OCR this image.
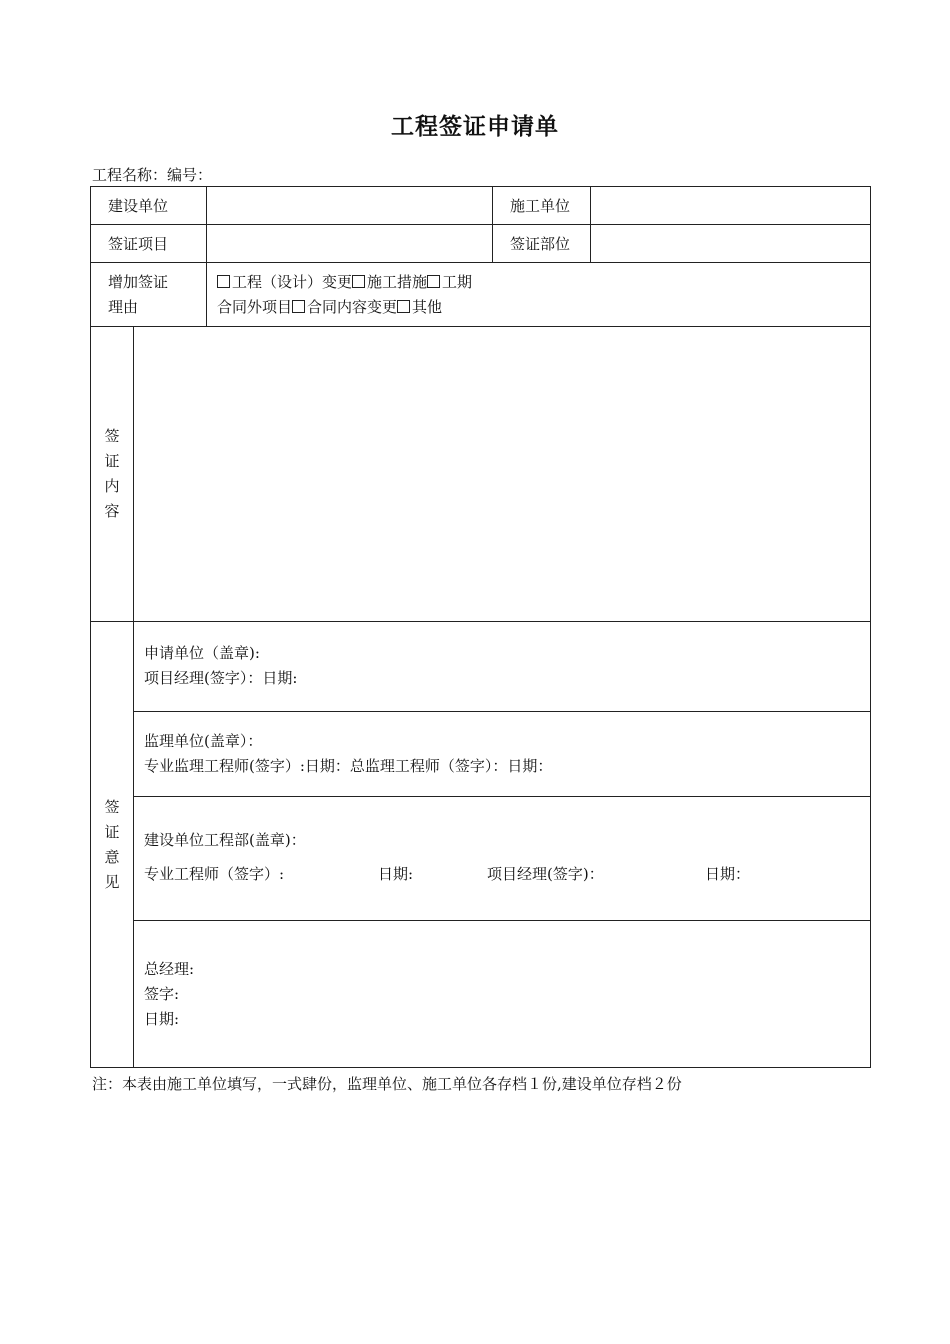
工程签证申请单
工程名称：编号：
建设单位			施工单位	
签证项目			签证部位	
增加签证
理由		工程（设计）变更 施工措施 工期
合同外项目 合同内容变更 其他		

签
证
内
容				

签
证
意
见	申请单位（盖章):
项目经理(签字）：日期:			

	监理单位(盖章）：
专业监理工程师(签字）:日期：总监理工程师（签字）：日期：			

	建设单位工程部(盖章)：
专业工程师（签字）: 日期: 项目经理(签字)： 日期：			

	总经理:
签字:
日期:			
注：本表由施工单位填写，一式肆份，监理单位、施工单位各存档１份,建设单位存档２份
